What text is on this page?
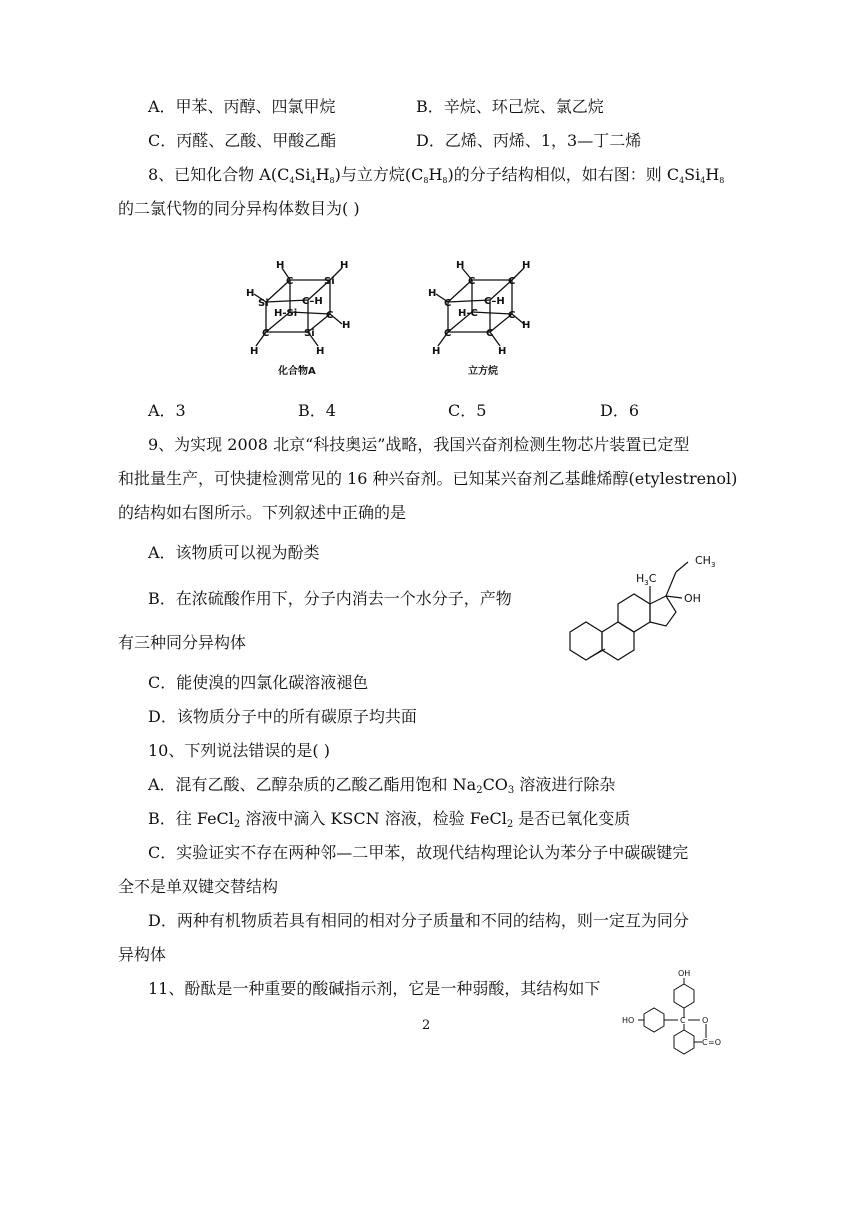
A．甲苯、丙醇、四氯甲烷	B．辛烷、环己烷、氯乙烷
C．丙醛、乙酸、甲酸乙酯	D．乙烯、丙烯、1，3—丁二烯
8、已知化合物 $A(C_4Si_4H_8)$与立方烷$(C_8H_8)$的分子结构相似，如右图：则 $C_4Si_4H_8$
的二氯代物的同分异构体数目为( )
H
C	Si
H
H
Si	C–H
H-Si	C
H
C	Si
H	H
化合物A
H
C	C
H
H
C	C–H
H-C	C
H
C	C
H	H
立方烷
A．3	B．4	C．5	D．6
9、为实现 2008 北京“科技奥运”战略，我国兴奋剂检测生物芯片装置已定型
和批量生产，可快捷检测常见的 16 种兴奋剂。已知某兴奋剂乙基雌烯醇(etylestrenol)
的结构如右图所示。下列叙述中正确的是
A．该物质可以视为酚类
B．在浓硫酸作用下，分子内消去一个水分子，产物
有三种同分异构体
C．能使溴的四氯化碳溶液褪色
D．该物质分子中的所有碳原子均共面
$CH_3$
$H_3C$
OH
10、下列说法错误的是( )
A．混有乙酸、乙醇杂质的乙酸乙酯用饱和 $Na_2CO_3$ 溶液进行除杂
B．往 FeCl$_2$ 溶液中滴入 KSCN 溶液，检验 FeCl$_2$ 是否已氧化变质
C．实验证实不存在两种邻—二甲苯，故现代结构理论认为苯分子中碳碳键完
全不是单双键交替结构
D．两种有机物质若具有相同的相对分子质量和不同的结构，则一定互为同分
异构体
11、酚酞是一种重要的酸碱指示剂，它是一种弱酸，其结构如下
OH
HO	C O
C =O
2
